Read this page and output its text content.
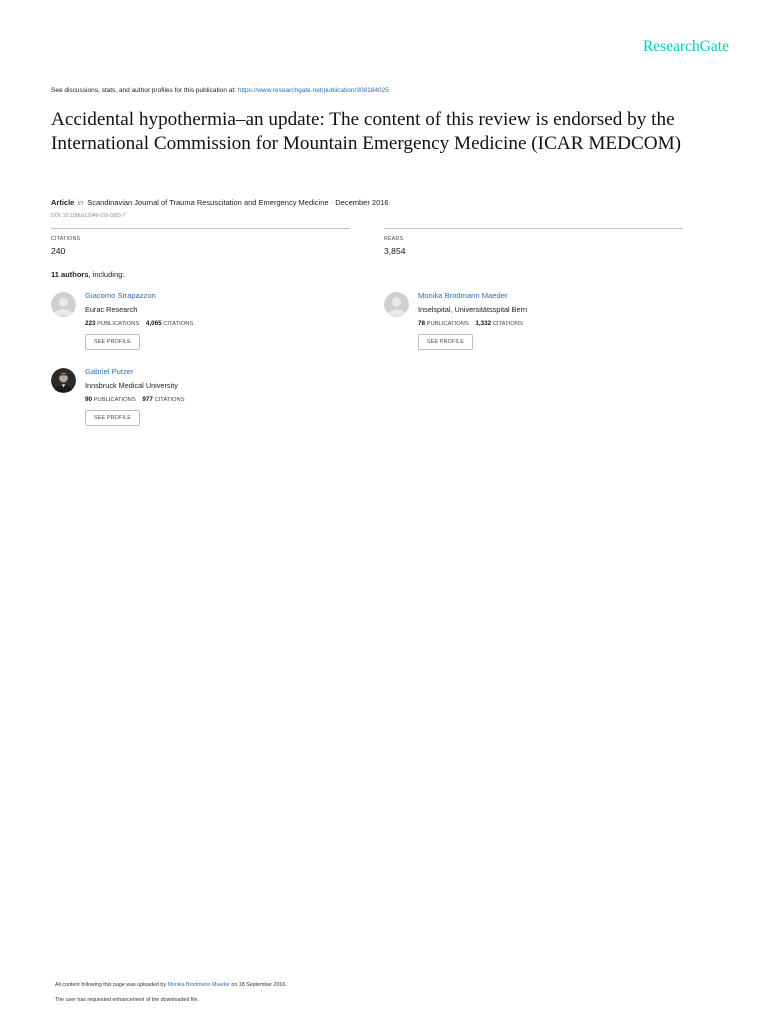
ResearchGate
See discussions, stats, and author profiles for this publication at: https://www.researchgate.net/publication/308184025
Accidental hypothermia–an update: The content of this review is endorsed by the International Commission for Mountain Emergency Medicine (ICAR MEDCOM)
Article in Scandinavian Journal of Trauma Resuscitation and Emergency Medicine · December 2016
DOI: 10.1186/s13049-016-0303-7
CITATIONS
240
READS
3,854
11 authors, including:
Giacomo Strapazzon
Eurac Research
223 PUBLICATIONS 4,065 CITATIONS
SEE PROFILE
Monika Brodmann Maeder
Inselspital, Universitätsspital Bern
78 PUBLICATIONS 1,332 CITATIONS
SEE PROFILE
Gabriel Putzer
Innsbruck Medical University
90 PUBLICATIONS 977 CITATIONS
SEE PROFILE
All content following this page was uploaded by Monika Brodmann Maeder on 18 September 2016.
The user has requested enhancement of the downloaded file.
